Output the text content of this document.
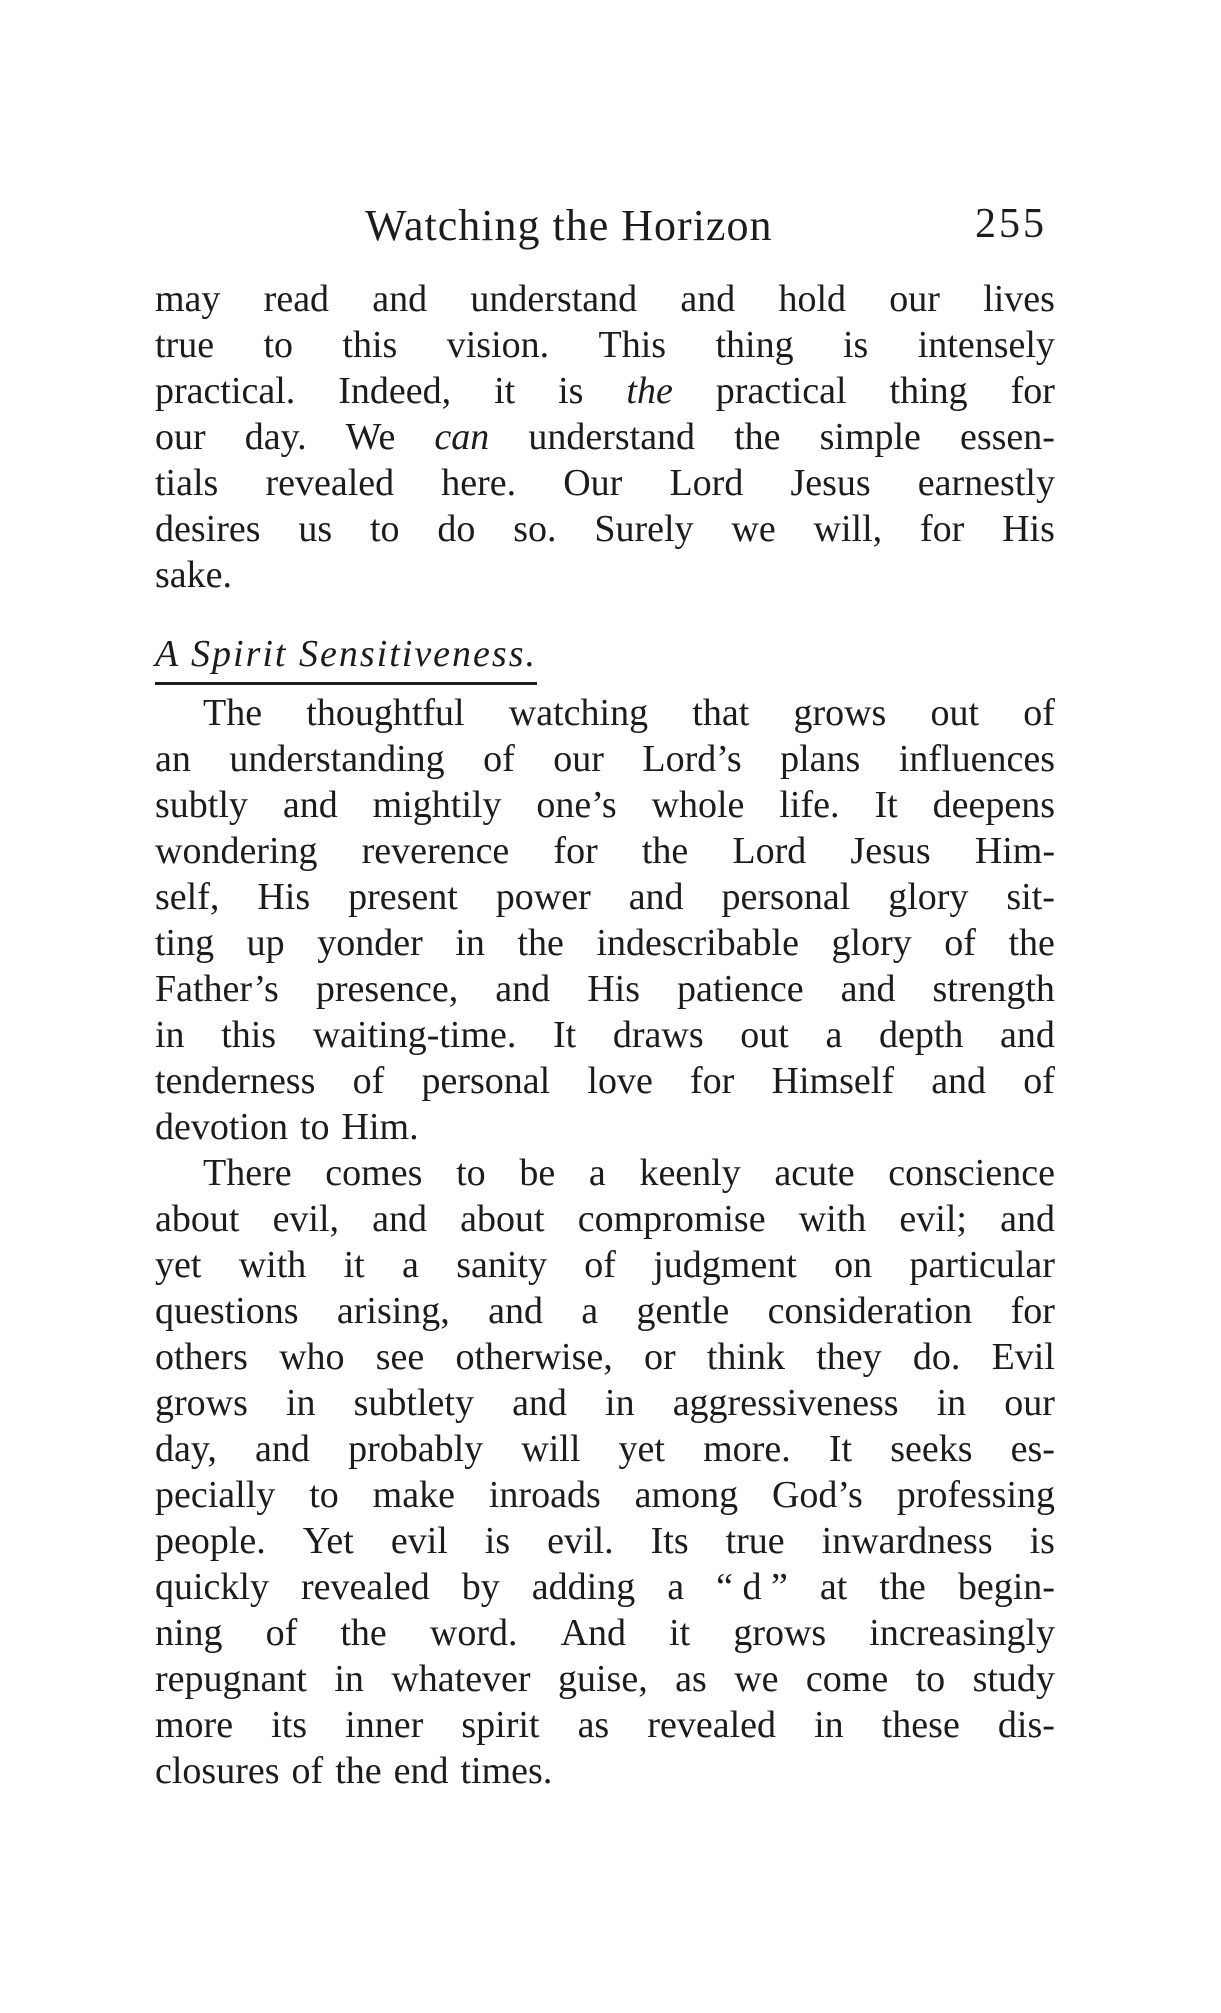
Watching the Horizon	255
may read and understand and hold our lives
true to this vision. This thing is intensely
practical. Indeed, it is the practical thing for
our day. We can understand the simple essen-
tials revealed here. Our Lord Jesus earnestly
desires us to do so. Surely we will, for His
sake.
A Spirit Sensitiveness.
The thoughtful watching that grows out of
an understanding of our Lord’s plans influences
subtly and mightily one’s whole life. It deepens
wondering reverence for the Lord Jesus Him-
self, His present power and personal glory sit-
ting up yonder in the indescribable glory of the
Father’s presence, and His patience and strength
in this waiting-time. It draws out a depth and
tenderness of personal love for Himself and of
devotion to Him.
There comes to be a keenly acute conscience
about evil, and about compromise with evil; and
yet with it a sanity of judgment on particular
questions arising, and a gentle consideration for
others who see otherwise, or think they do. Evil
grows in subtlety and in aggressiveness in our
day, and probably will yet more. It seeks es-
pecially to make inroads among God’s professing
people. Yet evil is evil. Its true inwardness is
quickly revealed by adding a “ d ” at the begin-
ning of the word. And it grows increasingly
repugnant in whatever guise, as we come to study
more its inner spirit as revealed in these dis-
closures of the end times.
